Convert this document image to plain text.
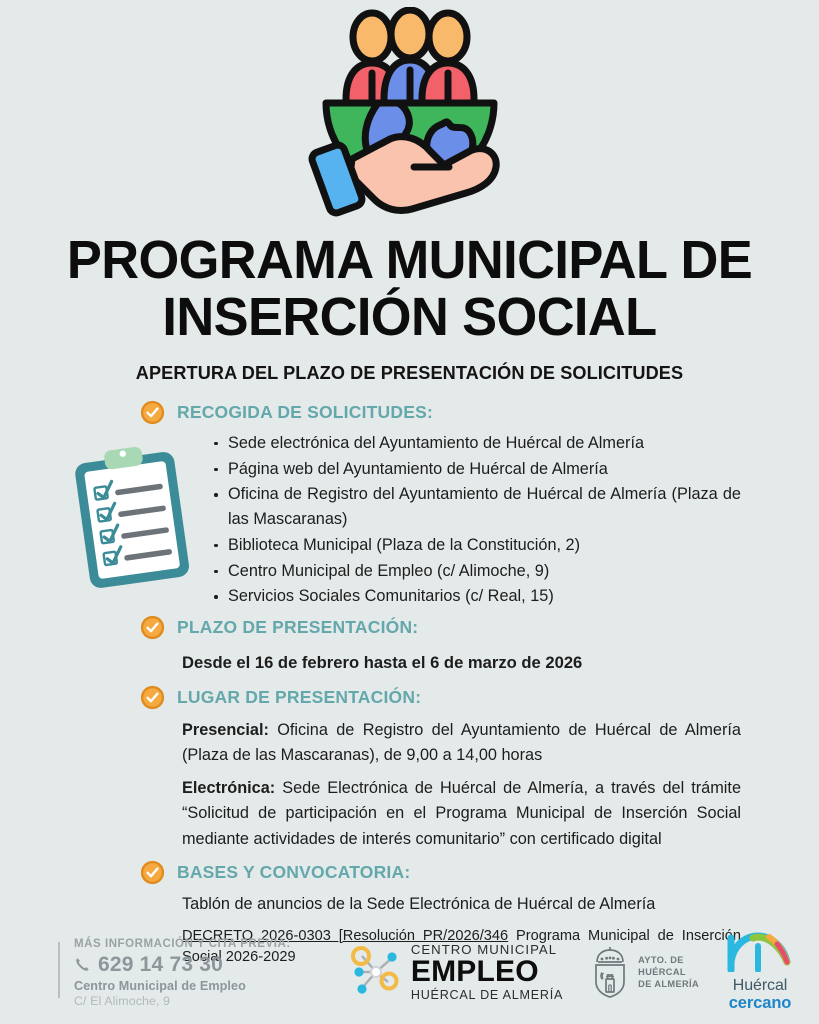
PROGRAMA MUNICIPAL DE
INSERCIÓN SOCIAL

APERTURA DEL PLAZO DE PRESENTACIÓN DE SOLICITUDES

RECOGIDA DE SOLICITUDES:
Sede electrónica del Ayuntamiento de Huércal de Almería
Página web del Ayuntamiento de Huércal de Almería
Oficina de Registro del Ayuntamiento de Huércal de Almería (Plaza de las Mascaranas)
Biblioteca Municipal (Plaza de la Constitución, 2)
Centro Municipal de Empleo (c/ Alimoche, 9)
Servicios Sociales Comunitarios (c/ Real, 15)
PLAZO DE PRESENTACIÓN:

Desde el 16 de febrero hasta el 6 de marzo de 2026

LUGAR DE PRESENTACIÓN:

Presencial: Oficina de Registro del Ayuntamiento de Huércal de Almería (Plaza de las Mascaranas), de 9,00 a 14,00 horas

Electrónica: Sede Electrónica de Huércal de Almería, a través del trámite “Solicitud de participación en el Programa Municipal de Inserción Social mediante actividades de interés comunitario” con certificado digital

BASES Y CONVOCATORIA:

Tablón de anuncios de la Sede Electrónica de Huércal de Almería

DECRETO 2026-0303 [Resolución PR/2026/346 Programa Municipal de Inserción Social 2026-2029

MÁS INFORMACIÓN Y CITA PREVIA:
629 14 73 30
Centro Municipal de Empleo
C/ El Alimoche, 9
CENTRO MUNICIPAL
EMPLEO
HUÉRCAL DE ALMERÍA
AYTO. DE
HUÉRCAL
DE ALMERÍA	Huércal
cercano
